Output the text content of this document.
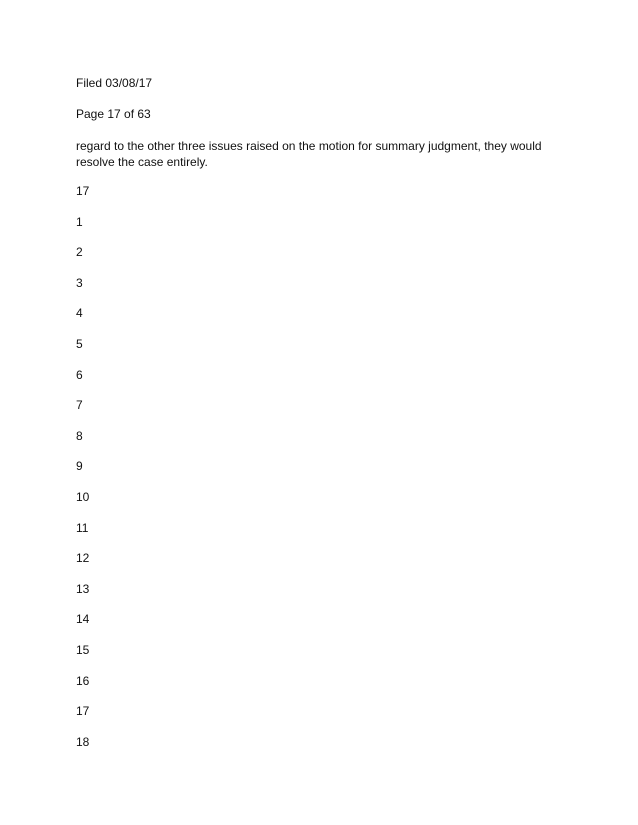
Filed 03/08/17

Page 17 of 63

regard to the other three issues raised on the motion for summary judgment, they would resolve the case entirely.

17
1
2
3
4
5
6
7
8
9
10
11
12
13
14
15
16
17
18
